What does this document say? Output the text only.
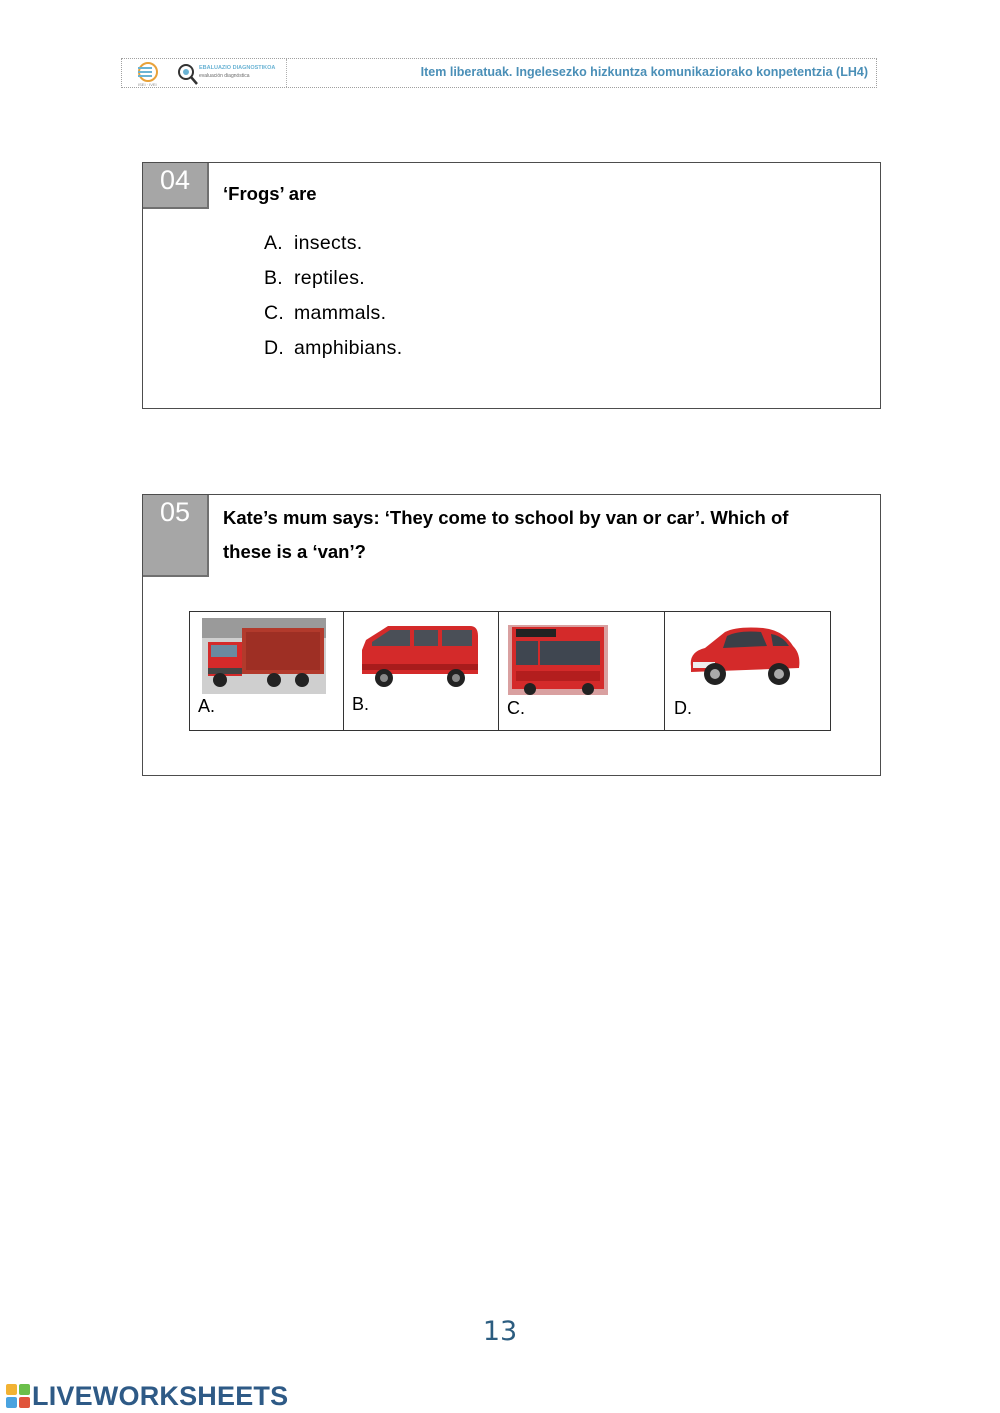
ISEI · IVEI
EBALUAZIO DIAGNOSTIKOA
evaluación diagnóstica	Item liberatuak. Ingelesezko hizkuntza komunikaziorako konpetentzia (LH4)
04	‘Frogs’ are
A. insects.
B. reptiles.
C. mammals.
D. amphibians.
05	Kate’s mum says: ‘They come to school by van or car’. Which of
these is a ‘van’?
A.	B.	C.	D.
13
LIVEWORKSHEETS
